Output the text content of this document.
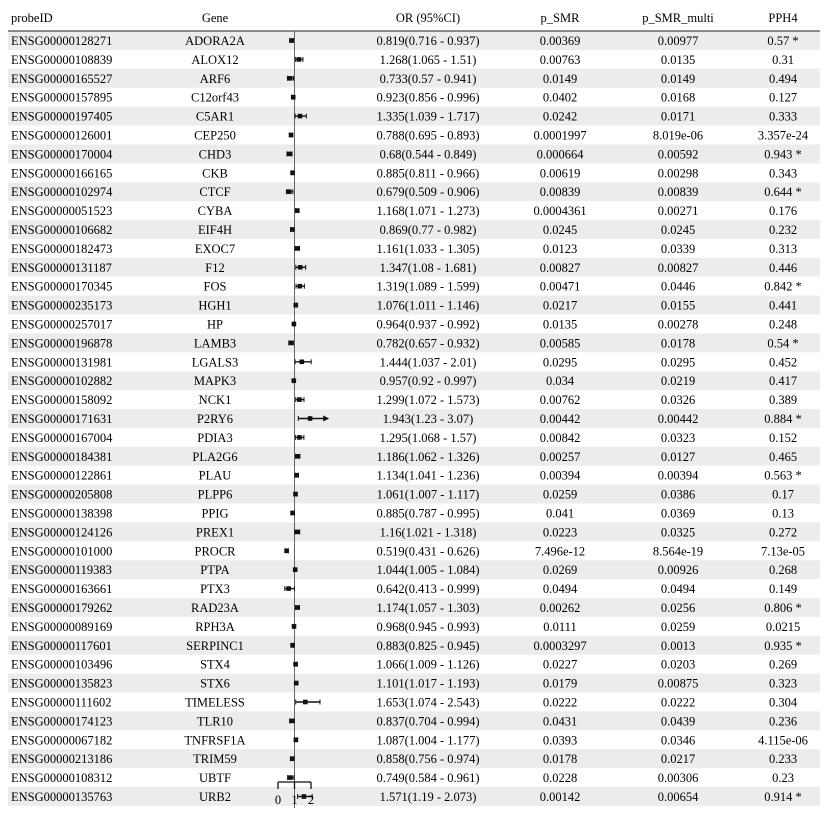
probeID	Gene	OR (95%CI)	p_SMR	p_SMR_multi	PPH4
ENSG00000128271	ADORA2A	0.819(0.716 - 0.937)	0.00369	0.00977	0.57 *
ENSG00000108839	ALOX12	1.268(1.065 - 1.51)	0.00763	0.0135	0.31
ENSG00000165527	ARF6	0.733(0.57 - 0.941)	0.0149	0.0149	0.494
ENSG00000157895	C12orf43	0.923(0.856 - 0.996)	0.0402	0.0168	0.127
ENSG00000197405	C5AR1	1.335(1.039 - 1.717)	0.0242	0.0171	0.333
ENSG00000126001	CEP250	0.788(0.695 - 0.893)	0.0001997	8.019e-06	3.357e-24
ENSG00000170004	CHD3	0.68(0.544 - 0.849)	0.000664	0.00592	0.943 *
ENSG00000166165	CKB	0.885(0.811 - 0.966)	0.00619	0.00298	0.343
ENSG00000102974	CTCF	0.679(0.509 - 0.906)	0.00839	0.00839	0.644 *
ENSG00000051523	CYBA	1.168(1.071 - 1.273)	0.0004361	0.00271	0.176
ENSG00000106682	EIF4H	0.869(0.77 - 0.982)	0.0245	0.0245	0.232
ENSG00000182473	EXOC7	1.161(1.033 - 1.305)	0.0123	0.0339	0.313
ENSG00000131187	F12	1.347(1.08 - 1.681)	0.00827	0.00827	0.446
ENSG00000170345	FOS	1.319(1.089 - 1.599)	0.00471	0.0446	0.842 *
ENSG00000235173	HGH1	1.076(1.011 - 1.146)	0.0217	0.0155	0.441
ENSG00000257017	HP	0.964(0.937 - 0.992)	0.0135	0.00278	0.248
ENSG00000196878	LAMB3	0.782(0.657 - 0.932)	0.00585	0.0178	0.54 *
ENSG00000131981	LGALS3	1.444(1.037 - 2.01)	0.0295	0.0295	0.452
ENSG00000102882	MAPK3	0.957(0.92 - 0.997)	0.034	0.0219	0.417
ENSG00000158092	NCK1	1.299(1.072 - 1.573)	0.00762	0.0326	0.389
ENSG00000171631	P2RY6	1.943(1.23 - 3.07)	0.00442	0.00442	0.884 *
ENSG00000167004	PDIA3	1.295(1.068 - 1.57)	0.00842	0.0323	0.152
ENSG00000184381	PLA2G6	1.186(1.062 - 1.326)	0.00257	0.0127	0.465
ENSG00000122861	PLAU	1.134(1.041 - 1.236)	0.00394	0.00394	0.563 *
ENSG00000205808	PLPP6	1.061(1.007 - 1.117)	0.0259	0.0386	0.17
ENSG00000138398	PPIG	0.885(0.787 - 0.995)	0.041	0.0369	0.13
ENSG00000124126	PREX1	1.16(1.021 - 1.318)	0.0223	0.0325	0.272
ENSG00000101000	PROCR	0.519(0.431 - 0.626)	7.496e-12	8.564e-19	7.13e-05
ENSG00000119383	PTPA	1.044(1.005 - 1.084)	0.0269	0.00926	0.268
ENSG00000163661	PTX3	0.642(0.413 - 0.999)	0.0494	0.0494	0.149
ENSG00000179262	RAD23A	1.174(1.057 - 1.303)	0.00262	0.0256	0.806 *
ENSG00000089169	RPH3A	0.968(0.945 - 0.993)	0.0111	0.0259	0.0215
ENSG00000117601	SERPINC1	0.883(0.825 - 0.945)	0.0003297	0.0013	0.935 *
ENSG00000103496	STX4	1.066(1.009 - 1.126)	0.0227	0.0203	0.269
ENSG00000135823	STX6	1.101(1.017 - 1.193)	0.0179	0.00875	0.323
ENSG00000111602	TIMELESS	1.653(1.074 - 2.543)	0.0222	0.0222	0.304
ENSG00000174123	TLR10	0.837(0.704 - 0.994)	0.0431	0.0439	0.236
ENSG00000067182	TNFRSF1A	1.087(1.004 - 1.177)	0.0393	0.0346	4.115e-06
ENSG00000213186	TRIM59	0.858(0.756 - 0.974)	0.0178	0.0217	0.233
ENSG00000108312	UBTF	0.749(0.584 - 0.961)	0.0228	0.00306	0.23
ENSG00000135763	URB2	1.571(1.19 - 2.073)	0.00142	0.00654	0.914 *
0 1 2
